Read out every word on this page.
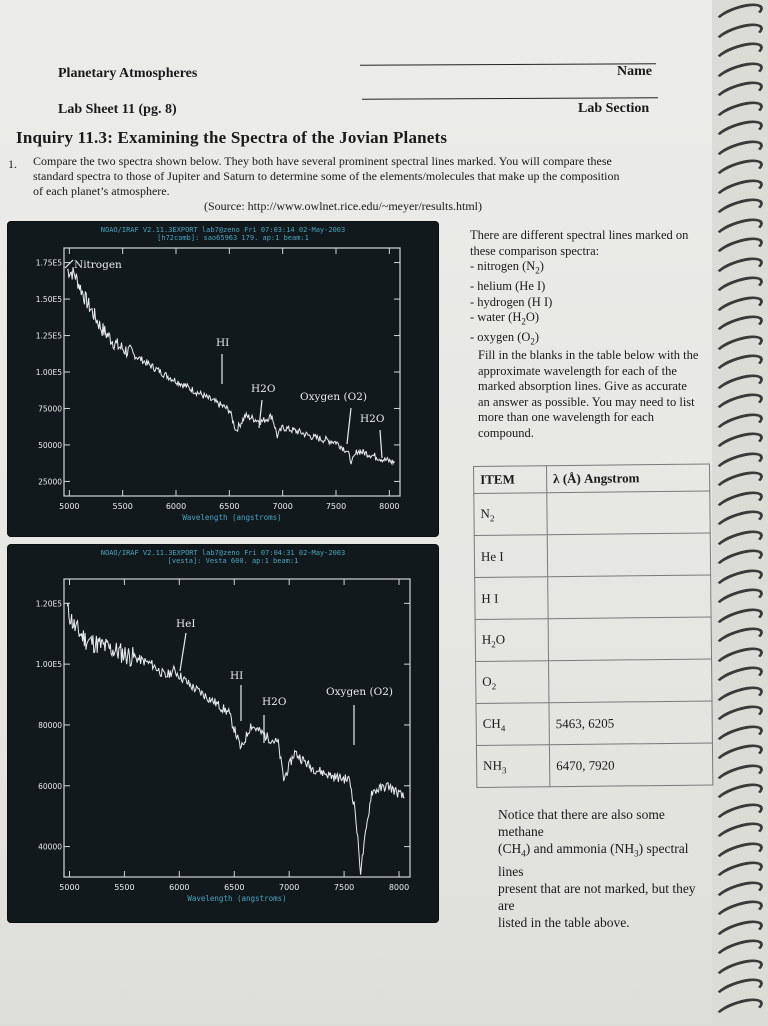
Planetary Atmospheres	Name
Lab Sheet 11 (pg. 8)	Lab Section
Inquiry 11.3: Examining the Spectra of the Jovian Planets
1. Compare the two spectra shown below. They both have several prominent spectral lines marked. You will compare these
standard spectra to those of Jupiter and Saturn to determine some of the elements/molecules that make up the composition
of each planet’s atmosphere.
(Source: http://www.owlnet.rice.edu/~meyer/results.html)
NOAO/IRAF V2.11.3EXPORT lab7@zeno Fri 07:03:14 02-May-2003
[h72comb]: sao65963 179. ap:1 beam:1
5000	5500	6000	6500	7000	7500	8000
Wavelength (angstroms)
1.75E5
1.50E5
1.25E5
1.00E5
75000
50000
25000
Nitrogen
HI
H2O
Oxygen (O2)
H2O
NOAO/IRAF V2.11.3EXPORT lab7@zeno Fri 07:04:31 02-May-2003
[vesta]: Vesta 600. ap:1 beam:1
5000	5500	6000	6500	7000	7500	8000
Wavelength (angstroms)
1.20E5
1.00E5
80000
60000
40000
HeI
HI
H2O
Oxygen (O2)
There are different spectral lines marked on
these comparison spectra:
- nitrogen $(N_2)$
- helium (He I)
- hydrogen (H I)
- water $(H_2O)$
- oxygen $(O_2)$
Fill in the blanks in the table below with the
approximate wavelength for each of the
marked absorption lines. Give as accurate
an answer as possible. You may need to list
more than one wavelength for each
compound.
ITEM	λ (Å) Angstrom
$N_2$	
He I	
H I	
$H_2O$	
$O_2$	
$CH_4$	5463, 6205
$NH_3$	6470, 7920
Notice that there are also some methane
$(CH_4)$ and ammonia $(NH_3)$ spectral lines
present that are not marked, but they are
listed in the table above.
